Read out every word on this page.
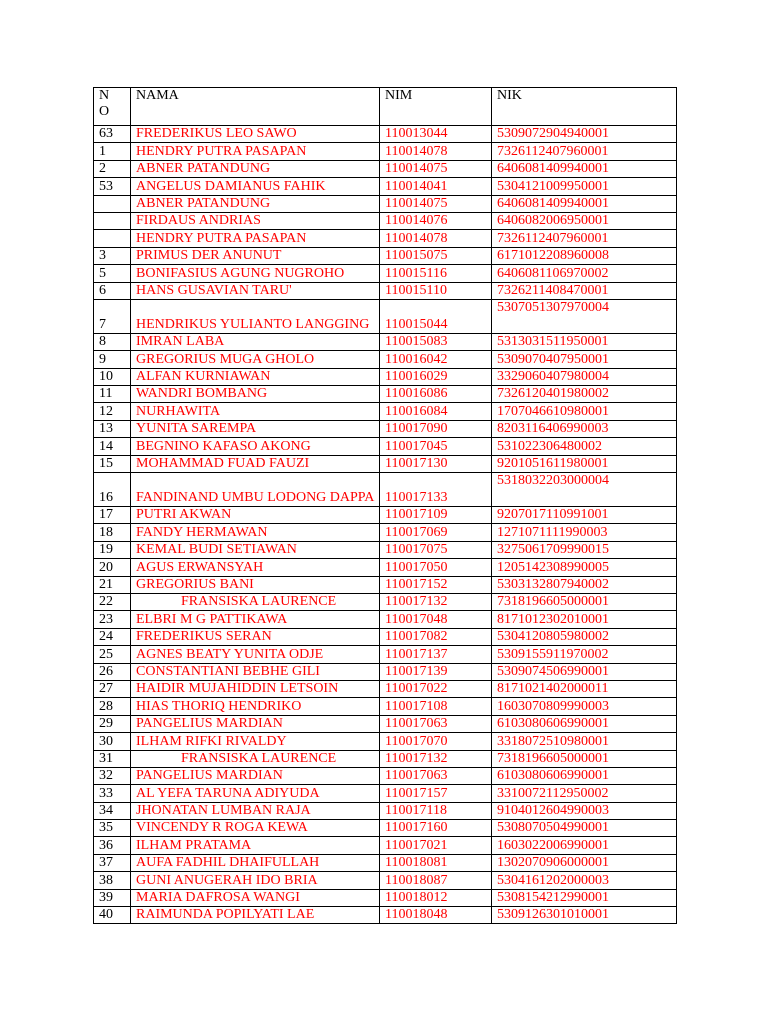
NO	NAMA	NIM	NIK
63	FREDERIKUS LEO SAWO	110013044	5309072904940001
1	HENDRY PUTRA PASAPAN	110014078	7326112407960001
2	ABNER PATANDUNG	110014075	6406081409940001
53	ANGELUS DAMIANUS FAHIK	110014041	5304121009950001
	ABNER PATANDUNG	110014075	6406081409940001
	FIRDAUS ANDRIAS	110014076	6406082006950001
	HENDRY PUTRA PASAPAN	110014078	7326112407960001
3	PRIMUS DER ANUNUT	110015075	6171012208960008
5	BONIFASIUS AGUNG NUGROHO	110015116	6406081106970002
6	HANS GUSAVIAN TARU'	110015110	7326211408470001
7	HENDRIKUS YULIANTO LANGGING	110015044	5307051307970004
8	IMRAN LABA	110015083	5313031511950001
9	GREGORIUS MUGA GHOLO	110016042	5309070407950001
10	ALFAN KURNIAWAN	110016029	3329060407980004
11	WANDRI BOMBANG	110016086	7326120401980002
12	NURHAWITA	110016084	1707046610980001
13	YUNITA SAREMPA	110017090	8203116406990003
14	BEGNINO KAFASO AKONG	110017045	531022306480002
15	MOHAMMAD FUAD FAUZI	110017130	9201051611980001
16	FANDINAND UMBU LODONG DAPPA	110017133	5318032203000004
17	PUTRI AKWAN	110017109	9207017110991001
18	FANDY HERMAWAN	110017069	1271071111990003
19	KEMAL BUDI SETIAWAN	110017075	3275061709990015
20	AGUS ERWANSYAH	110017050	1205142308990005
21	GREGORIUS BANI	110017152	5303132807940002
22	FRANSISKA LAURENCE	110017132	7318196605000001
23	ELBRI M G PATTIKAWA	110017048	8171012302010001
24	FREDERIKUS SERAN	110017082	5304120805980002
25	AGNES BEATY YUNITA ODJE	110017137	5309155911970002
26	CONSTANTIANI BEBHE GILI	110017139	5309074506990001
27	HAIDIR MUJAHIDDIN LETSOIN	110017022	8171021402000011
28	HIAS THORIQ HENDRIKO	110017108	1603070809990003
29	PANGELIUS MARDIAN	110017063	6103080606990001
30	ILHAM RIFKI RIVALDY	110017070	3318072510980001
31	FRANSISKA LAURENCE	110017132	7318196605000001
32	PANGELIUS MARDIAN	110017063	6103080606990001
33	AL YEFA TARUNA ADIYUDA	110017157	3310072112950002
34	JHONATAN LUMBAN RAJA	110017118	9104012604990003
35	VINCENDY R ROGA KEWA	110017160	5308070504990001
36	ILHAM PRATAMA	110017021	1603022006990001
37	AUFA FADHIL DHAIFULLAH	110018081	1302070906000001
38	GUNI ANUGERAH IDO BRIA	110018087	5304161202000003
39	MARIA DAFROSA WANGI	110018012	5308154212990001
40	RAIMUNDA POPILYATI LAE	110018048	5309126301010001
